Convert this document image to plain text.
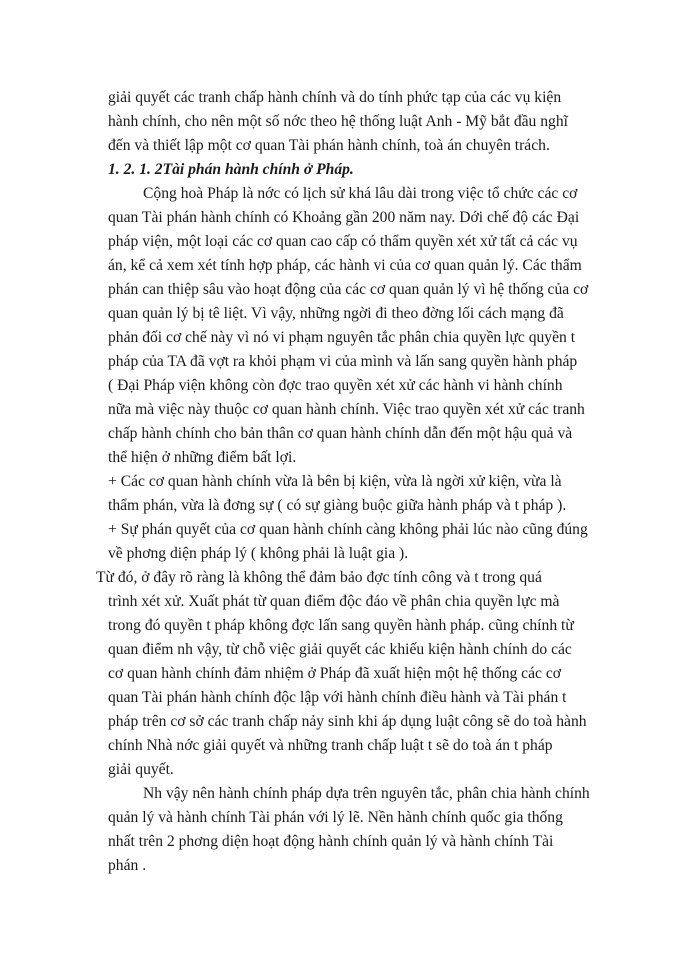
giải quyết các tranh chấp hành chính và do tính phức tạp của các vụ kiện
hành chính, cho nên một số nớc theo hệ thống luật Anh - Mỹ bắt đầu nghĩ
đến và thiết lập một cơ quan Tài phán hành chính, toà án chuyên trách.
1. 2. 1. 2Tài phán hành chính ở Pháp.
Cộng hoà Pháp là nớc có lịch sử khá lâu dài trong việc tổ chức các cơ
quan Tài phán hành chính có Khoảng gần 200 năm nay. Dới chế độ các Đại
pháp viện, một loại các cơ quan cao cấp có thẩm quyền xét xử tất cả các vụ
án, kể cả xem xét tính hợp pháp, các hành vi của cơ quan quản lý. Các thẩm
phán can thiệp sâu vào hoạt động của các cơ quan quản lý vì hệ thống của cơ
quan quản lý bị tê liệt. Vì vậy, những ngời đi theo đờng lối cách mạng đã
phản đối cơ chế này vì nó vi phạm nguyên tắc phân chia quyền lực quyền t
pháp của TA đã vợt ra khỏi phạm vi của mình và lấn sang quyền hành pháp
( Đại Pháp viện không còn đợc trao quyền xét xử các hành vi hành chính
nữa mà việc này thuộc cơ quan hành chính. Việc trao quyền xét xử các tranh
chấp hành chính cho bản thân cơ quan hành chính dẫn đến một hậu quả và
thể hiện ở những điểm bất lợi.
+ Các cơ quan hành chính vừa là bên bị kiện, vừa là ngời xử kiện, vừa là
thẩm phán, vừa là đơng sự ( có sự giàng buộc giữa hành pháp và t pháp ).
+ Sự phán quyết của cơ quan hành chính càng không phải lúc nào cũng đúng
về phơng diện pháp lý ( không phải là luật gia ).
Từ đó, ở đây rõ ràng là không thể đảm bảo đợc tính công và t trong quá
trình xét xử. Xuất phát từ quan điểm độc đáo về phân chia quyền lực mà
trong đó quyền t pháp không đợc lấn sang quyền hành pháp. cũng chính từ
quan điểm nh vậy, từ chỗ việc giải quyết các khiếu kiện hành chính do các
cơ quan hành chính đảm nhiệm ở Pháp đã xuất hiện một hệ thống các cơ
quan Tài phán hành chính độc lập với hành chính điều hành và Tài phán t
pháp trên cơ sở các tranh chấp nảy sinh khi áp dụng luật công sẽ do toà hành
chính Nhà nớc giải quyết và những tranh chấp luật t sẽ do toà án t pháp
giải quyết.
Nh vậy nên hành chính pháp dựa trên nguyên tắc, phân chia hành chính
quản lý và hành chính Tài phán với lý lẽ. Nền hành chính quốc gia thống
nhất trên 2 phơng diện hoạt động hành chính quản lý và hành chính Tài
phán .
